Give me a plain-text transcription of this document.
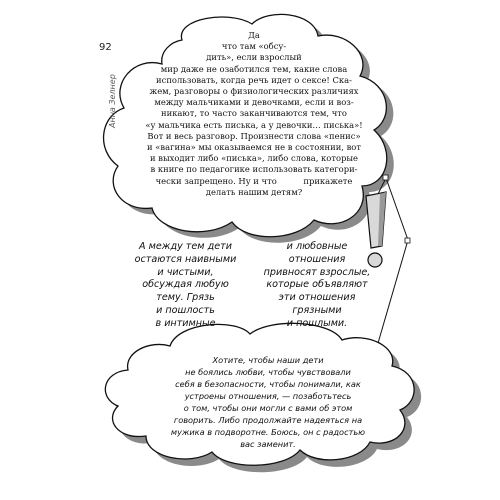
92
Анна Зелнер
Да
что там «обсу-
дить», если взрослый
мир даже не озаботился тем, какие слова
использовать, когда речь идет о сексе! Ска-
жем, разговоры о физиологических различиях
между мальчиками и девочками, если и воз-
никают, то часто заканчиваются тем, что
«у мальчика есть писька, а у девочки… писька»!
Вот и весь разговор. Произнести слова «пенис»
и «вагина» мы оказываемся не в состоянии, вот
и выходит либо «писька», либо слова, которые
в книге по педагогике использовать категори-
чески запрещено. Ну и что          прикажете
делать нашим детям?
А между тем дети
остаются наивными
и чистыми,
обсуждая любую
тему. Грязь
и пошлость
в интимные
и любовные
отношения
привносят взрослые,
которые объявляют
эти отношения
грязными
и пошлыми.
Хотите, чтобы наши дети
не боялись любви, чтобы чувствовали
себя в безопасности, чтобы понимали, как
устроены отношения, — позаботьтесь
о том, чтобы они могли с вами об этом
говорить. Либо продолжайте надеяться на
мужика в подворотне. Боюсь, он с радостью
вас заменит.
